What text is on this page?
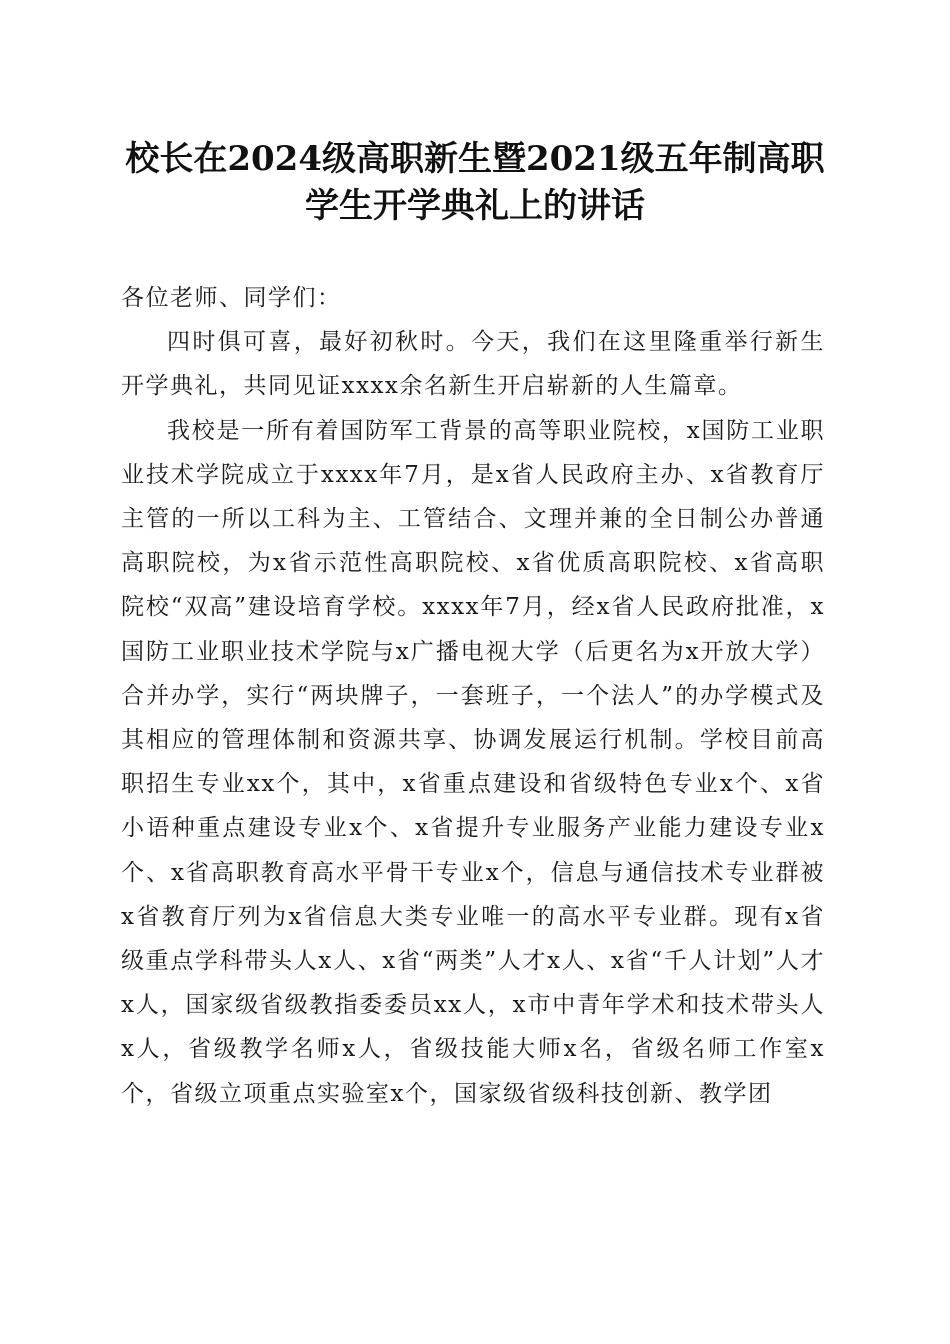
校长在2024级高职新生暨2021级五年制高职
学生开学典礼上的讲话

各位老师、同学们：

四时俱可喜，最好初秋时。今天，我们在这里隆重举行新生开学典礼，共同见证xxxx余名新生开启崭新的人生篇章。

我校是一所有着国防军工背景的高等职业院校，x国防工业职业技术学院成立于xxxx年7月，是x省人民政府主办、x省教育厅主管的一所以工科为主、工管结合、文理并兼的全日制公办普通高职院校，为x省示范性高职院校、x省优质高职院校、x省高职院校“双高”建设培育学校。xxxx年7月，经x省人民政府批准，x国防工业职业技术学院与x广播电视大学（后更名为x开放大学）合并办学，实行“两块牌子，一套班子，一个法人”的办学模式及其相应的管理体制和资源共享、协调发展运行机制。学校目前高职招生专业xx个，其中，x省重点建设和省级特色专业x个、x省小语种重点建设专业x个、x省提升专业服务产业能力建设专业x个、x省高职教育高水平骨干专业x个，信息与通信技术专业群被x省教育厅列为x省信息大类专业唯一的高水平专业群。现有x省级重点学科带头人x人、x省“两类”人才x人、x省“千人计划”人才x人，国家级省级教指委委员xx人，x市中青年学术和技术带头人x人，省级教学名师x人，省级技能大师x名，省级名师工作室x个，省级立项重点实验室x个，国家级省级科技创新、教学团
